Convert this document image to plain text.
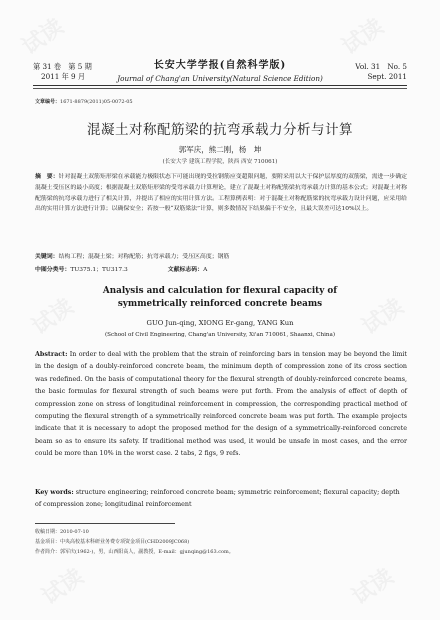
试读	试读
试读	试读
试读	试读
第 31 卷　第 5 期
2011 年 9 月
长安大学学报(自然科学版)
Journal of Chang'an University(Natural Science Edition)
Vol. 31　No. 5
Sept. 2011
文章编号：1671-8879(2011)05-0072-05
混凝土对称配筋梁的抗弯承载力分析与计算
郭军庆，熊二刚，杨　坤
(长安大学 建筑工程学院，陕西 西安 710061)
摘　要：针对混凝土双筋矩形梁在承载能力极限状态下可能出现的受拉钢筋应变超限问题，要附采用以大于保护层厚度的双筋梁，需进一步确定混凝土受压区的最小高度；根据混凝土双筋矩形梁的受弯承载力计算理论，建立了混凝土对称配筋梁抗弯承载力计算的基本公式；对混凝土对称配筋梁的抗弯承载力进行了相关计算，并提出了相应的实用计算方法。工程算例表明：对于混凝土对称配筋梁的抗弯承载力设计问题，应采用给出的实用计算方法进行计算；以确保安全；若按一般“双筋梁法”计算，则多数情况下结果偏于不安全，且最大误差可达10%以上。
关键词：结构工程；混凝土梁；对称配筋；抗弯承载力；受压区高度；钢筋
中图分类号：TU375.1；TU317.3	文献标志码：A
Analysis and calculation for flexural capacity of
symmetrically reinforced concrete beams
GUO Jun-qing, XIONG Er-gang, YANG Kun
(School of Civil Engineering, Chang'an University, Xi'an 710061, Shaanxi, China)
Abstract: In order to deal with the problem that the strain of reinforcing bars in tension may be beyond the limit in the design of a doubly-reinforced concrete beam, the minimum depth of compression zone of its cross section was redefined. On the basis of computational theory for the flexural strength of doubly-reinforced concrete beams, the basic formulas for flexural strength of such beams were put forth. From the analysis of effect of depth of compression zone on stress of longitudinal reinforcement in compression, the corresponding practical method of computing the flexural strength of a symmetrically reinforced concrete beam was put forth. The example projects indicate that it is necessary to adopt the proposed method for the design of a symmetrically-reinforced concrete beam so as to ensure its safety. If traditional method was used, it would be unsafe in most cases, and the error could be more than 10% in the worst case. 2 tabs, 2 figs, 9 refs.
Key words: structure engineering; reinforced concrete beam; symmetric reinforcement; flexural capacity; depth of compression zone; longitudinal reinforcement
收稿日期：2010-07-10
基金项目：中央高校基本科研业务费专项资金项目(CHD2009JC068)
作者简介：郭军庆(1962-)，男，山西阳高人，副教授，E-mail：gjunqing@163.com。
